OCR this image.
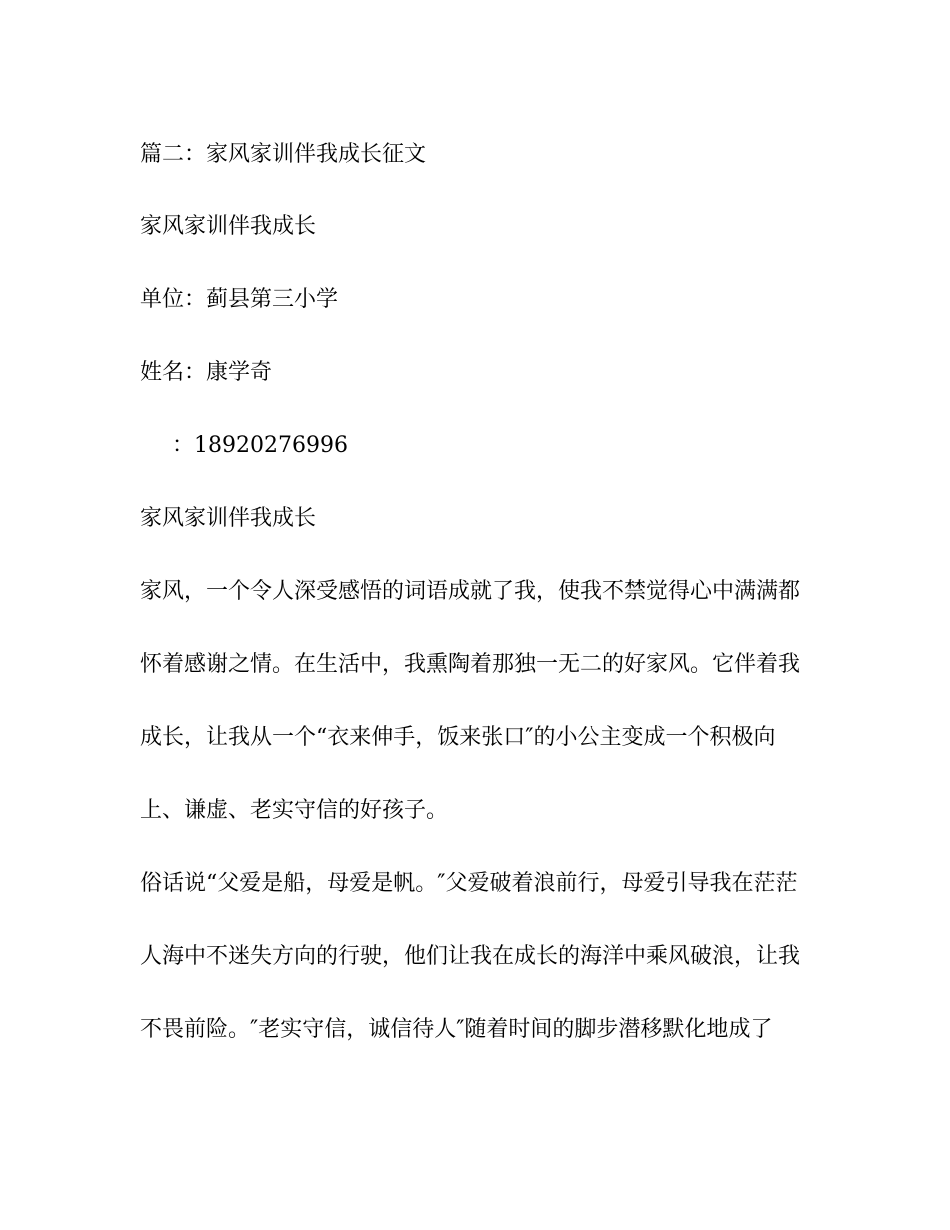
篇二：家风家训伴我成长征文

家风家训伴我成长

单位：蓟县第三小学

姓名：康学奇

：18920276996

家风家训伴我成长

家风，一个令人深受感悟的词语成就了我，使我不禁觉得心中满满都

怀着感谢之情。在生活中，我熏陶着那独一无二的好家风。它伴着我

成长，让我从一个“衣来伸手，饭来张口″的小公主变成一个积极向

上、谦虚、老实守信的好孩子。

俗话说“父爱是船，母爱是帆。″父爱破着浪前行，母爱引导我在茫茫

人海中不迷失方向的行驶，他们让我在成长的海洋中乘风破浪，让我

不畏前险。″老实守信，诚信待人″随着时间的脚步潜移默化地成了
